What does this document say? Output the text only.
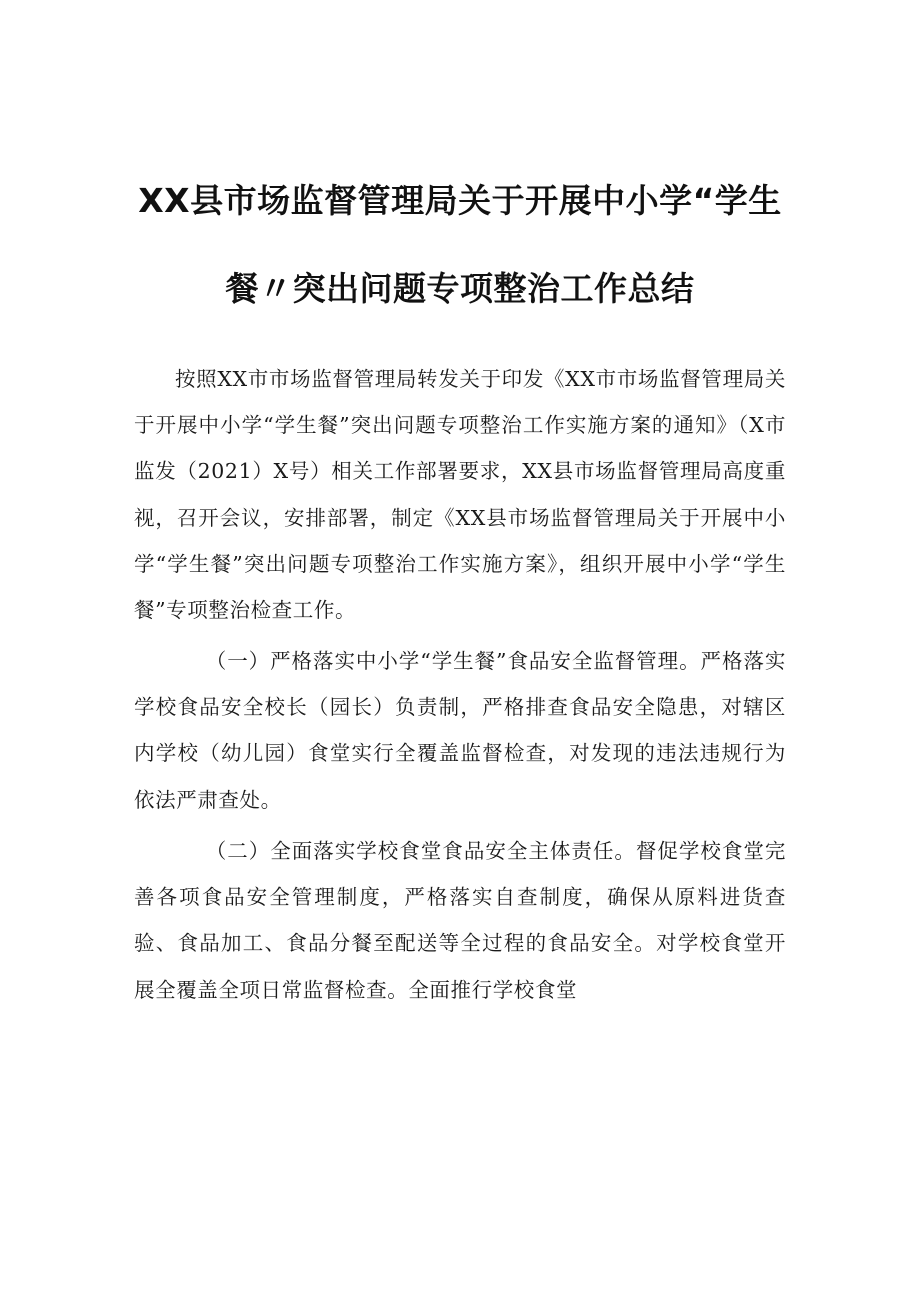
XX县市场监督管理局关于开展中小学“学生
餐〃突出问题专项整治工作总结

按照XX市市场监督管理局转发关于印发《XX市市场监督管理局关于开展中小学“学生餐”突出问题专项整治工作实施方案的通知》（X市监发（2021）X号）相关工作部署要求，XX县市场监督管理局高度重视，召开会议，安排部署，制定《XX县市场监督管理局关于开展中小学“学生餐”突出问题专项整治工作实施方案》，组织开展中小学“学生餐”专项整治检查工作。

（一）严格落实中小学“学生餐”食品安全监督管理。严格落实学校食品安全校长（园长）负责制，严格排查食品安全隐患，对辖区内学校（幼儿园）食堂实行全覆盖监督检查，对发现的违法违规行为依法严肃查处。

（二）全面落实学校食堂食品安全主体责任。督促学校食堂完善各项食品安全管理制度，严格落实自查制度，确保从原料进货查验、食品加工、食品分餐至配送等全过程的食品安全。对学校食堂开展全覆盖全项日常监督检查。全面推行学校食堂
